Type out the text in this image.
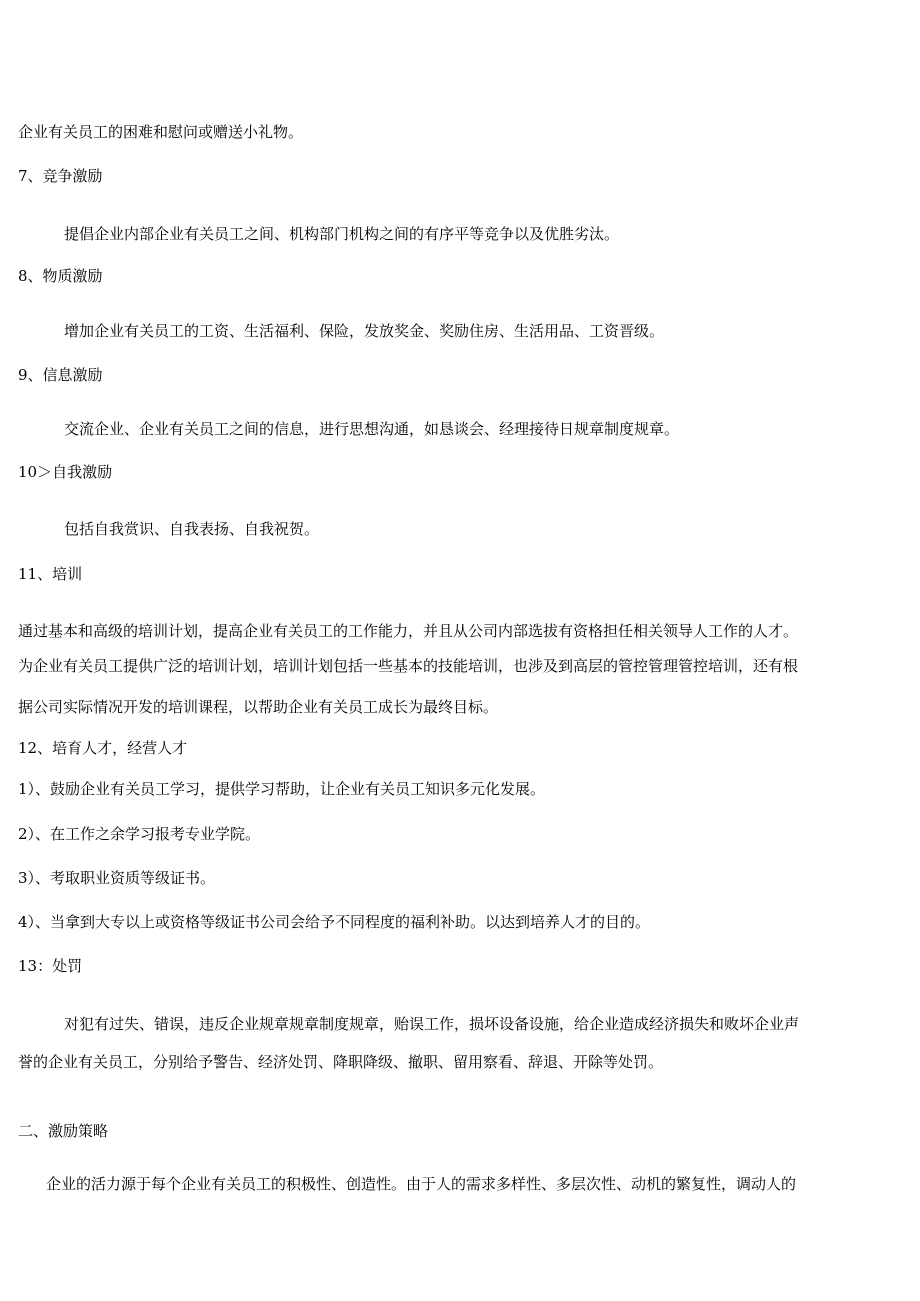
企业有关员工的困难和慰问或赠送小礼物。

7、竞争激励

提倡企业内部企业有关员工之间、机构部门机构之间的有序平等竞争以及优胜劣汰。

8、物质激励

增加企业有关员工的工资、生活福利、保险，发放奖金、奖励住房、生活用品、工资晋级。

9、信息激励

交流企业、企业有关员工之间的信息，进行思想沟通，如恳谈会、经理接待日规章制度规章。

10＞自我激励

包括自我赏识、自我表扬、自我祝贺。

11、培训

通过基本和高级的培训计划，提高企业有关员工的工作能力，并且从公司内部选拔有资格担任相关领导人工作的人才。

为企业有关员工提供广泛的培训计划，培训计划包括一些基本的技能培训，也涉及到高层的管控管理管控培训，还有根

据公司实际情况开发的培训课程，以帮助企业有关员工成长为最终目标。

12、培育人才，经营人才

1）、鼓励企业有关员工学习，提供学习帮助，让企业有关员工知识多元化发展。

2）、在工作之余学习报考专业学院。

3）、考取职业资质等级证书。

4）、当拿到大专以上或资格等级证书公司会给予不同程度的福利补助。以达到培养人才的目的。

13：处罚

对犯有过失、错误，违反企业规章规章制度规章，贻误工作，损坏设备设施，给企业造成经济损失和败坏企业声

誉的企业有关员工，分别给予警告、经济处罚、降职降级、撤职、留用察看、辞退、开除等处罚。

二、激励策略

企业的活力源于每个企业有关员工的积极性、创造性。由于人的需求多样性、多层次性、动机的繁复性，调动人的
